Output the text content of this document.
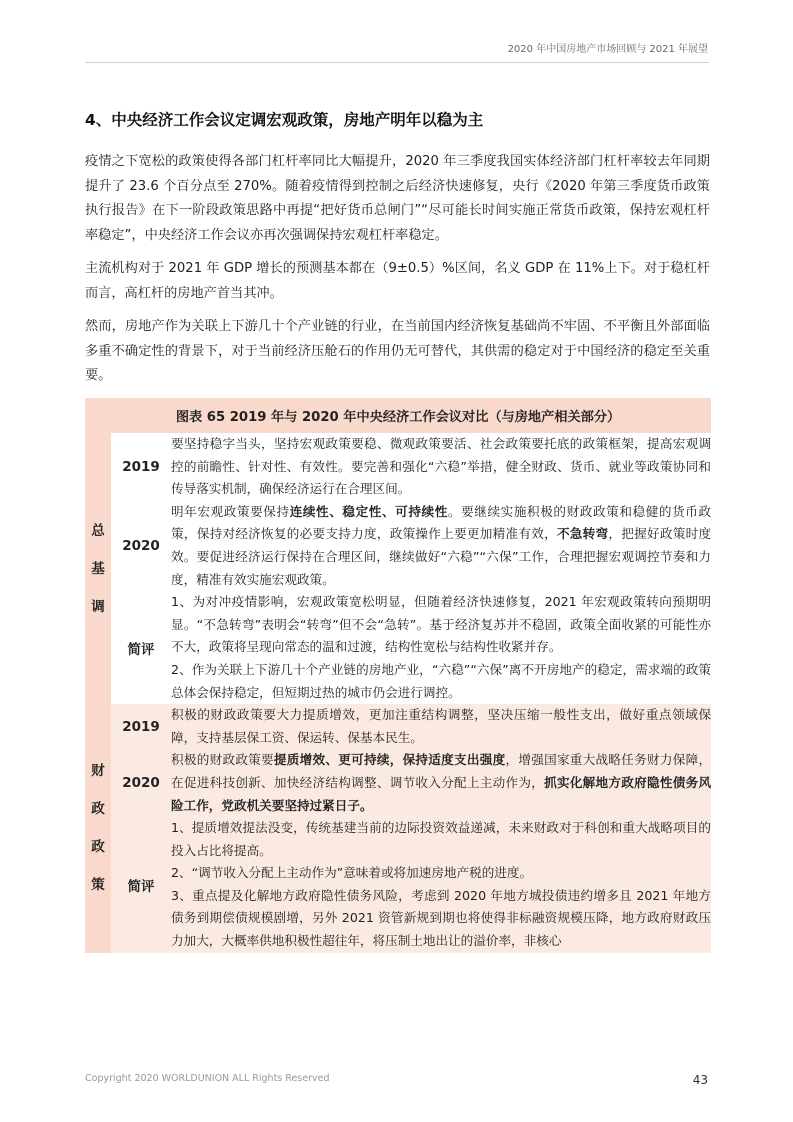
2020 年中国房地产市场回顾与 2021 年展望
4、中央经济工作会议定调宏观政策，房地产明年以稳为主

疫情之下宽松的政策使得各部门杠杆率同比大幅提升，2020 年三季度我国实体经济部门杠杆率较去年同期提升了 23.6 个百分点至 270%。随着疫情得到控制之后经济快速修复，央行《2020 年第三季度货币政策执行报告》在下一阶段政策思路中再提“把好货币总闸门”“尽可能长时间实施正常货币政策，保持宏观杠杆率稳定”，中央经济工作会议亦再次强调保持宏观杠杆率稳定。

主流机构对于 2021 年 GDP 增长的预测基本都在（9±0.5）%区间，名义 GDP 在 11%上下。对于稳杠杆而言，高杠杆的房地产首当其冲。

然而，房地产作为关联上下游几十个产业链的行业，在当前国内经济恢复基础尚不牢固、不平衡且外部面临多重不确定性的背景下，对于当前经济压舱石的作用仍无可替代，其供需的稳定对于中国经济的稳定至关重要。

图表 65 2019 年与 2020 年中央经济工作会议对比（与房地产相关部分）		

总
基
调	2019	要坚持稳字当头，坚持宏观政策要稳、微观政策要活、社会政策要托底的政策框架，提高宏观调控的前瞻性、针对性、有效性。要完善和强化“六稳”举措，健全财政、货币、就业等政策协同和传导落实机制，确保经济运行在合理区间。

	2020	明年宏观政策要保持连续性、稳定性、可持续性。要继续实施积极的财政政策和稳健的货币政策，保持对经济恢复的必要支持力度，政策操作上要更加精准有效，不急转弯，把握好政策时度效。要促进经济运行保持在合理区间，继续做好“六稳”“六保”工作，合理把握宏观调控节奏和力度，精准有效实施宏观政策。

	简评	1、为对冲疫情影响，宏观政策宽松明显，但随着经济快速修复，2021 年宏观政策转向预期明显。“不急转弯”表明会“转弯”但不会“急转”。基于经济复苏并不稳固，政策全面收紧的可能性亦不大，政策将呈现向常态的温和过渡，结构性宽松与结构性收紧并存。

2、作为关联上下游几十个产业链的房地产业，“六稳”“六保”离不开房地产的稳定，需求端的政策总体会保持稳定，但短期过热的城市仍会进行调控。

财
政
政
策	2019	积极的财政政策要大力提质增效，更加注重结构调整，坚决压缩一般性支出，做好重点领域保障，支持基层保工资、保运转、保基本民生。

	2020	积极的财政政策要提质增效、更可持续，保持适度支出强度，增强国家重大战略任务财力保障，在促进科技创新、加快经济结构调整、调节收入分配上主动作为，抓实化解地方政府隐性债务风险工作，党政机关要坚持过紧日子。

	简评	1、提质增效提法没变，传统基建当前的边际投资效益递减，未来财政对于科创和重大战略项目的投入占比将提高。

2、“调节收入分配上主动作为”意味着或将加速房地产税的进度。

3、重点提及化解地方政府隐性债务风险，考虑到 2020 年地方城投债违约增多且 2021 年地方债务到期偿债规模剧增，另外 2021 资管新规到期也将使得非标融资规模压降，地方政府财政压力加大，大概率供地积极性超往年，将压制土地出让的溢价率，非核心

Copyright 2020 WORLDUNION ALL Rights Reserved	43
